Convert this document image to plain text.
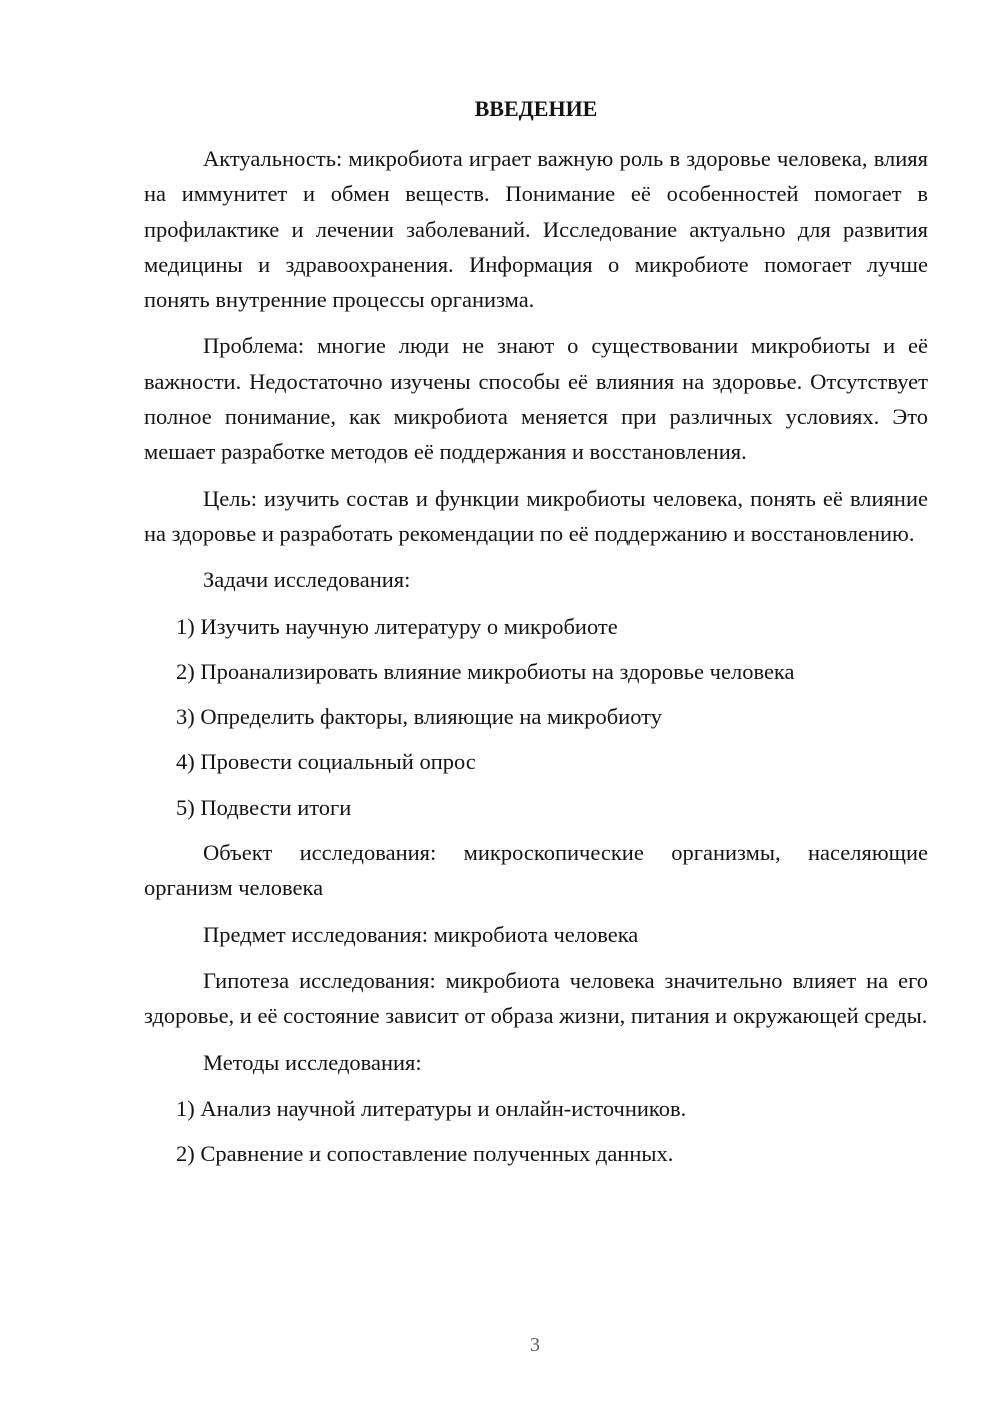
ВВЕДЕНИЕ
Актуальность: микробиота играет важную роль в здоровье человека, влияя на иммунитет и обмен веществ. Понимание её особенностей помогает в профилактике и лечении заболеваний. Исследование актуально для развития медицины и здравоохранения. Информация о микробиоте помогает лучше понять внутренние процессы организма.
Проблема: многие люди не знают о существовании микробиоты и её важности. Недостаточно изучены способы её влияния на здоровье. Отсутствует полное понимание, как микробиота меняется при различных условиях. Это мешает разработке методов её поддержания и восстановления.
Цель: изучить состав и функции микробиоты человека, понять её влияние на здоровье и разработать рекомендации по её поддержанию и восстановлению.
Задачи исследования:
1) Изучить научную литературу о микробиоте
2) Проанализировать влияние микробиоты на здоровье человека
3) Определить факторы, влияющие на микробиоту
4) Провести социальный опрос
5) Подвести итоги
Объект исследования: микроскопические организмы, населяющие организм человека
Предмет исследования: микробиота человека
Гипотеза исследования: микробиота человека значительно влияет на его здоровье, и её состояние зависит от образа жизни, питания и окружающей среды.
Методы исследования:
1) Анализ научной литературы и онлайн-источников.
2) Сравнение и сопоставление полученных данных.
3
